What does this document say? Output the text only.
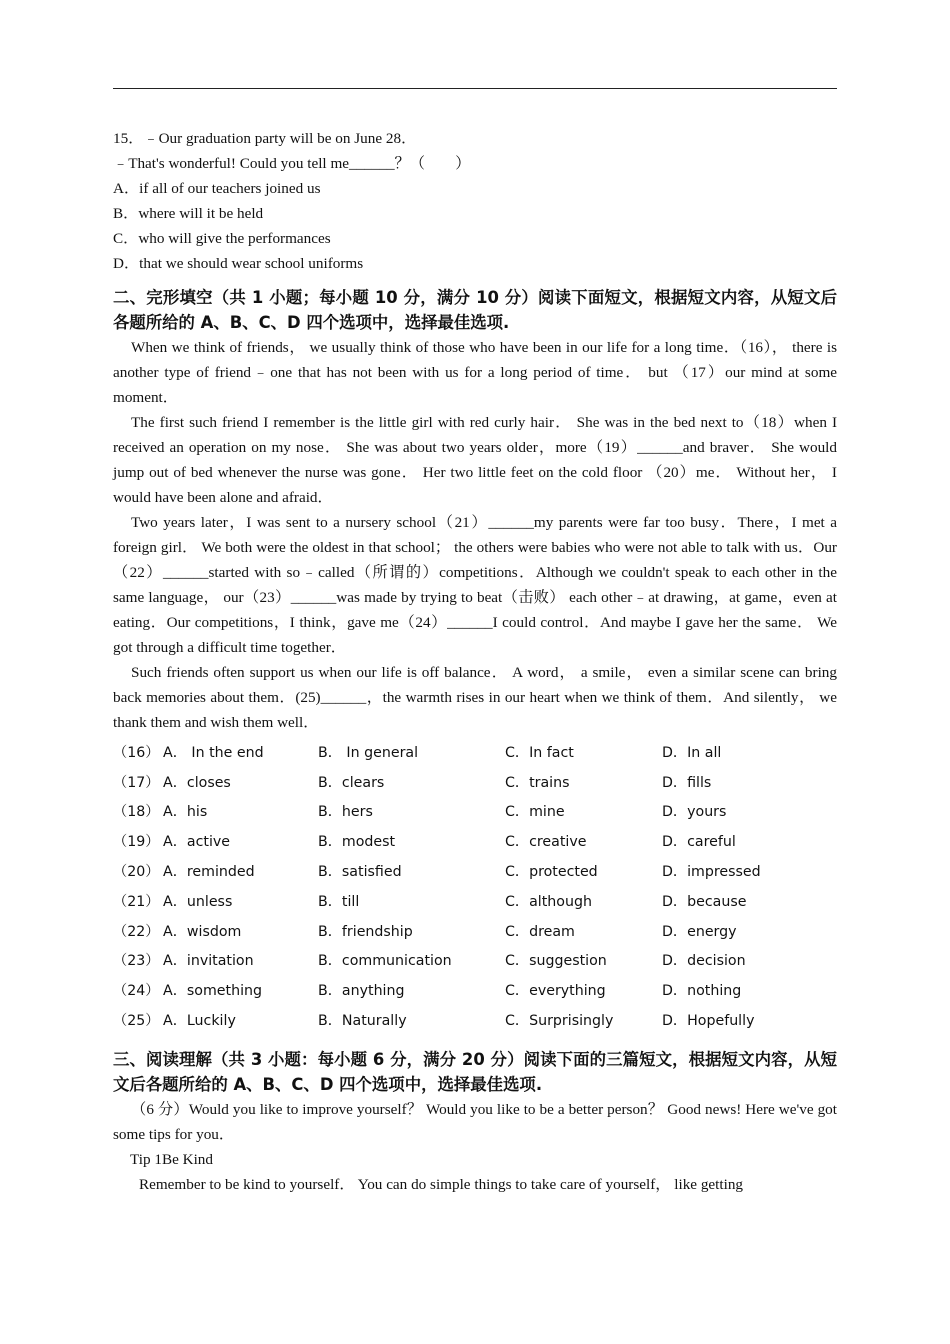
15．﹣Our graduation party will be on June 28．
﹣That's wonderful! Could you tell me______？（　　）
A．if all of our teachers joined us
B．where will it be held
C．who will give the performances
D．that we should wear school uniforms
二、完形填空（共 1 小题；每小题 10 分，满分 10 分）阅读下面短文，根据短文内容，从短文后各题所给的 A、B、C、D 四个选项中，选择最佳选项.
When we think of friends， we usually think of those who have been in our life for a long time．（16）， there is another type of friend﹣one that has not been with us for a long period of time． but （17）our mind at some moment．
The first such friend I remember is the little girl with red curly hair． She was in the bed next to（18）when I received an operation on my nose． She was about two years older，more（19）______and braver． She would jump out of bed whenever the nurse was gone． Her two little feet on the cold floor （20）me． Without her， I would have been alone and afraid．
Two years later，I was sent to a nursery school（21）______my parents were far too busy．There，I met a foreign girl． We both were the oldest in that school； the others were babies who were not able to talk with us．Our（22）______started with so﹣called（所谓的）competitions．Although we couldn't speak to each other in the same language， our（23）______was made by trying to beat（击败） each other﹣at drawing，at game，even at eating．Our competitions，I think，gave me（24）______I could control．And maybe I gave her the same． We got through a difficult time together．
Such friends often support us when our life is off balance． A word， a smile， even a similar scene can bring back memories about them．(25)______，the warmth rises in our heart when we think of them．And silently， we thank them and wish them well．
（16） A． In the end	B． In general	C．In fact	D．In all
（17） A．closes	B．clears	C．trains	D．fills
（18） A．his	B．hers	C．mine	D．yours
（19） A．active	B．modest	C．creative	D．careful
（20） A．reminded	B．satisfied	C．protected	D．impressed
（21） A．unless	B．till	C．although	D．because
（22） A．wisdom	B．friendship	C．dream	D．energy
（23） A．invitation	B．communication	C．suggestion	D．decision
（24） A．something	B．anything	C．everything	D．nothing
（25） A．Luckily	B．Naturally	C．Surprisingly	D．Hopefully
三、阅读理解（共 3 小题：每小题 6 分，满分 20 分）阅读下面的三篇短文，根据短文内容，从短文后各题所给的 A、B、C、D 四个选项中，选择最佳选项.
（6 分）Would you like to improve yourself？ Would you like to be a better person？ Good news! Here we've got some tips for you．
Tip 1Be Kind
Remember to be kind to yourself． You can do simple things to take care of yourself， like getting
